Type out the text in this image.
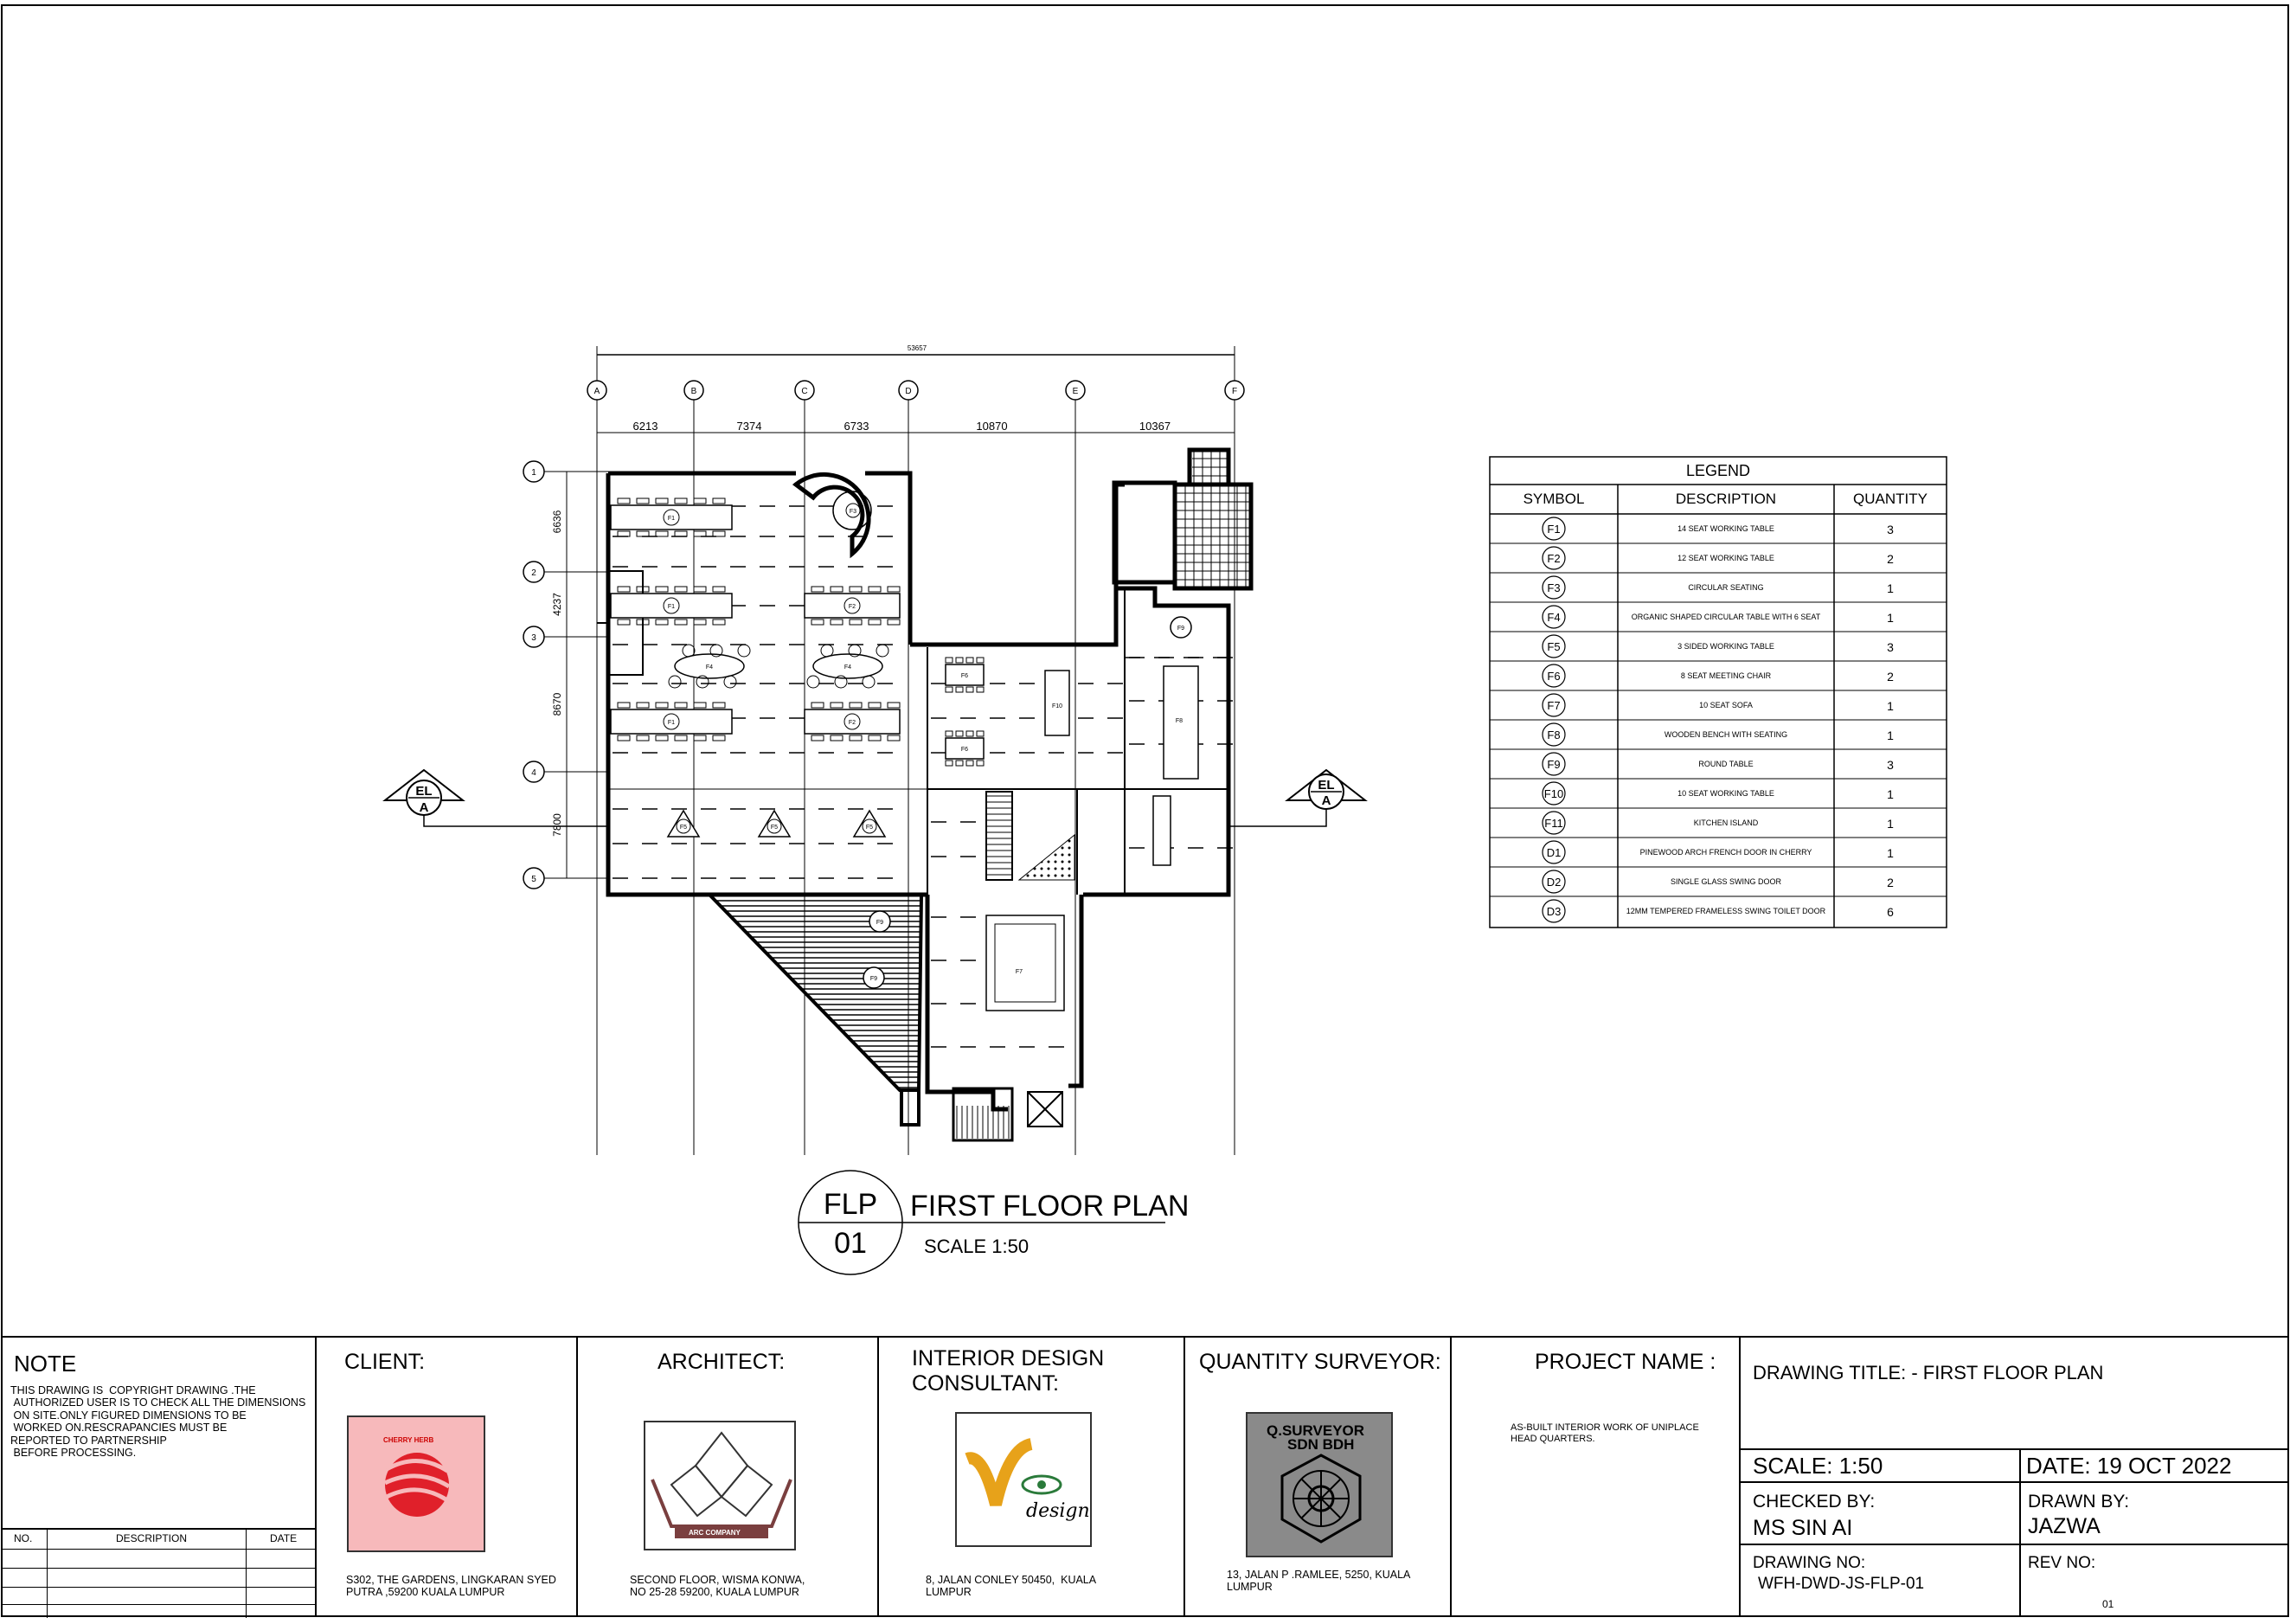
53657
A	B	C	D	E	F
6213	7374	6733	10870	10367
1
2
3
4
5
6636
4237
8670
7800
F1
F1
F1
F2
F2
F4	F4
F5	F5	F5
F6
F6
F10
F8
F7
F9
F9
F9
F3
EL
A
EL
A
FLP
01
FIRST FLOOR PLAN
SCALE 1:50
LEGEND
SYMBOL	DESCRIPTION	QUANTITY
F1	14 SEAT WORKING TABLE	3
F2	12 SEAT WORKING TABLE	2
F3	CIRCULAR SEATING	1
F4	ORGANIC SHAPED CIRCULAR TABLE WITH 6 SEAT	1
F5	3 SIDED WORKING TABLE	3
F6	8 SEAT MEETING CHAIR	2
F7	10 SEAT SOFA	1
F8	WOODEN BENCH WITH SEATING	1
F9	ROUND TABLE	3
F10	10 SEAT WORKING TABLE	1
F11	KITCHEN ISLAND	1
D1	PINEWOOD ARCH FRENCH DOOR IN CHERRY	1
D2	SINGLE GLASS SWING DOOR	2
D3	12MM TEMPERED FRAMELESS SWING TOILET DOOR	6
NOTE
THIS DRAWING IS  COPYRIGHT DRAWING .THE
AUTHORIZED USER IS TO CHECK ALL THE DIMENSIONS
ON SITE.ONLY FIGURED DIMENSIONS TO BE
WORKED ON.RESCRAPANCIES MUST BE
REPORTED TO PARTNERSHIP
BEFORE PROCESSING.
NO.	DESCRIPTION	DATE
CLIENT:
CHERRY HERB
S302, THE GARDENS, LINGKARAN SYED
PUTRA ,59200 KUALA LUMPUR
ARCHITECT:
ARC COMPANY
SECOND FLOOR, WISMA KONWA,
NO 25-28 59200, KUALA LUMPUR
INTERIOR DESIGN
CONSULTANT:
design
8, JALAN CONLEY 50450,  KUALA
LUMPUR
QUANTITY SURVEYOR:
Q.SURVEYOR
SDN BDH
13, JALAN P .RAMLEE, 5250, KUALA
LUMPUR
PROJECT NAME :
AS-BUILT INTERIOR WORK OF UNIPLACE
HEAD QUARTERS.
DRAWING TITLE: - FIRST FLOOR PLAN
SCALE: 1:50	DATE: 19 OCT 2022
CHECKED BY:
MS SIN AI
DRAWN BY:
JAZWA
DRAWING NO:
WFH-DWD-JS-FLP-01
REV NO:
01
